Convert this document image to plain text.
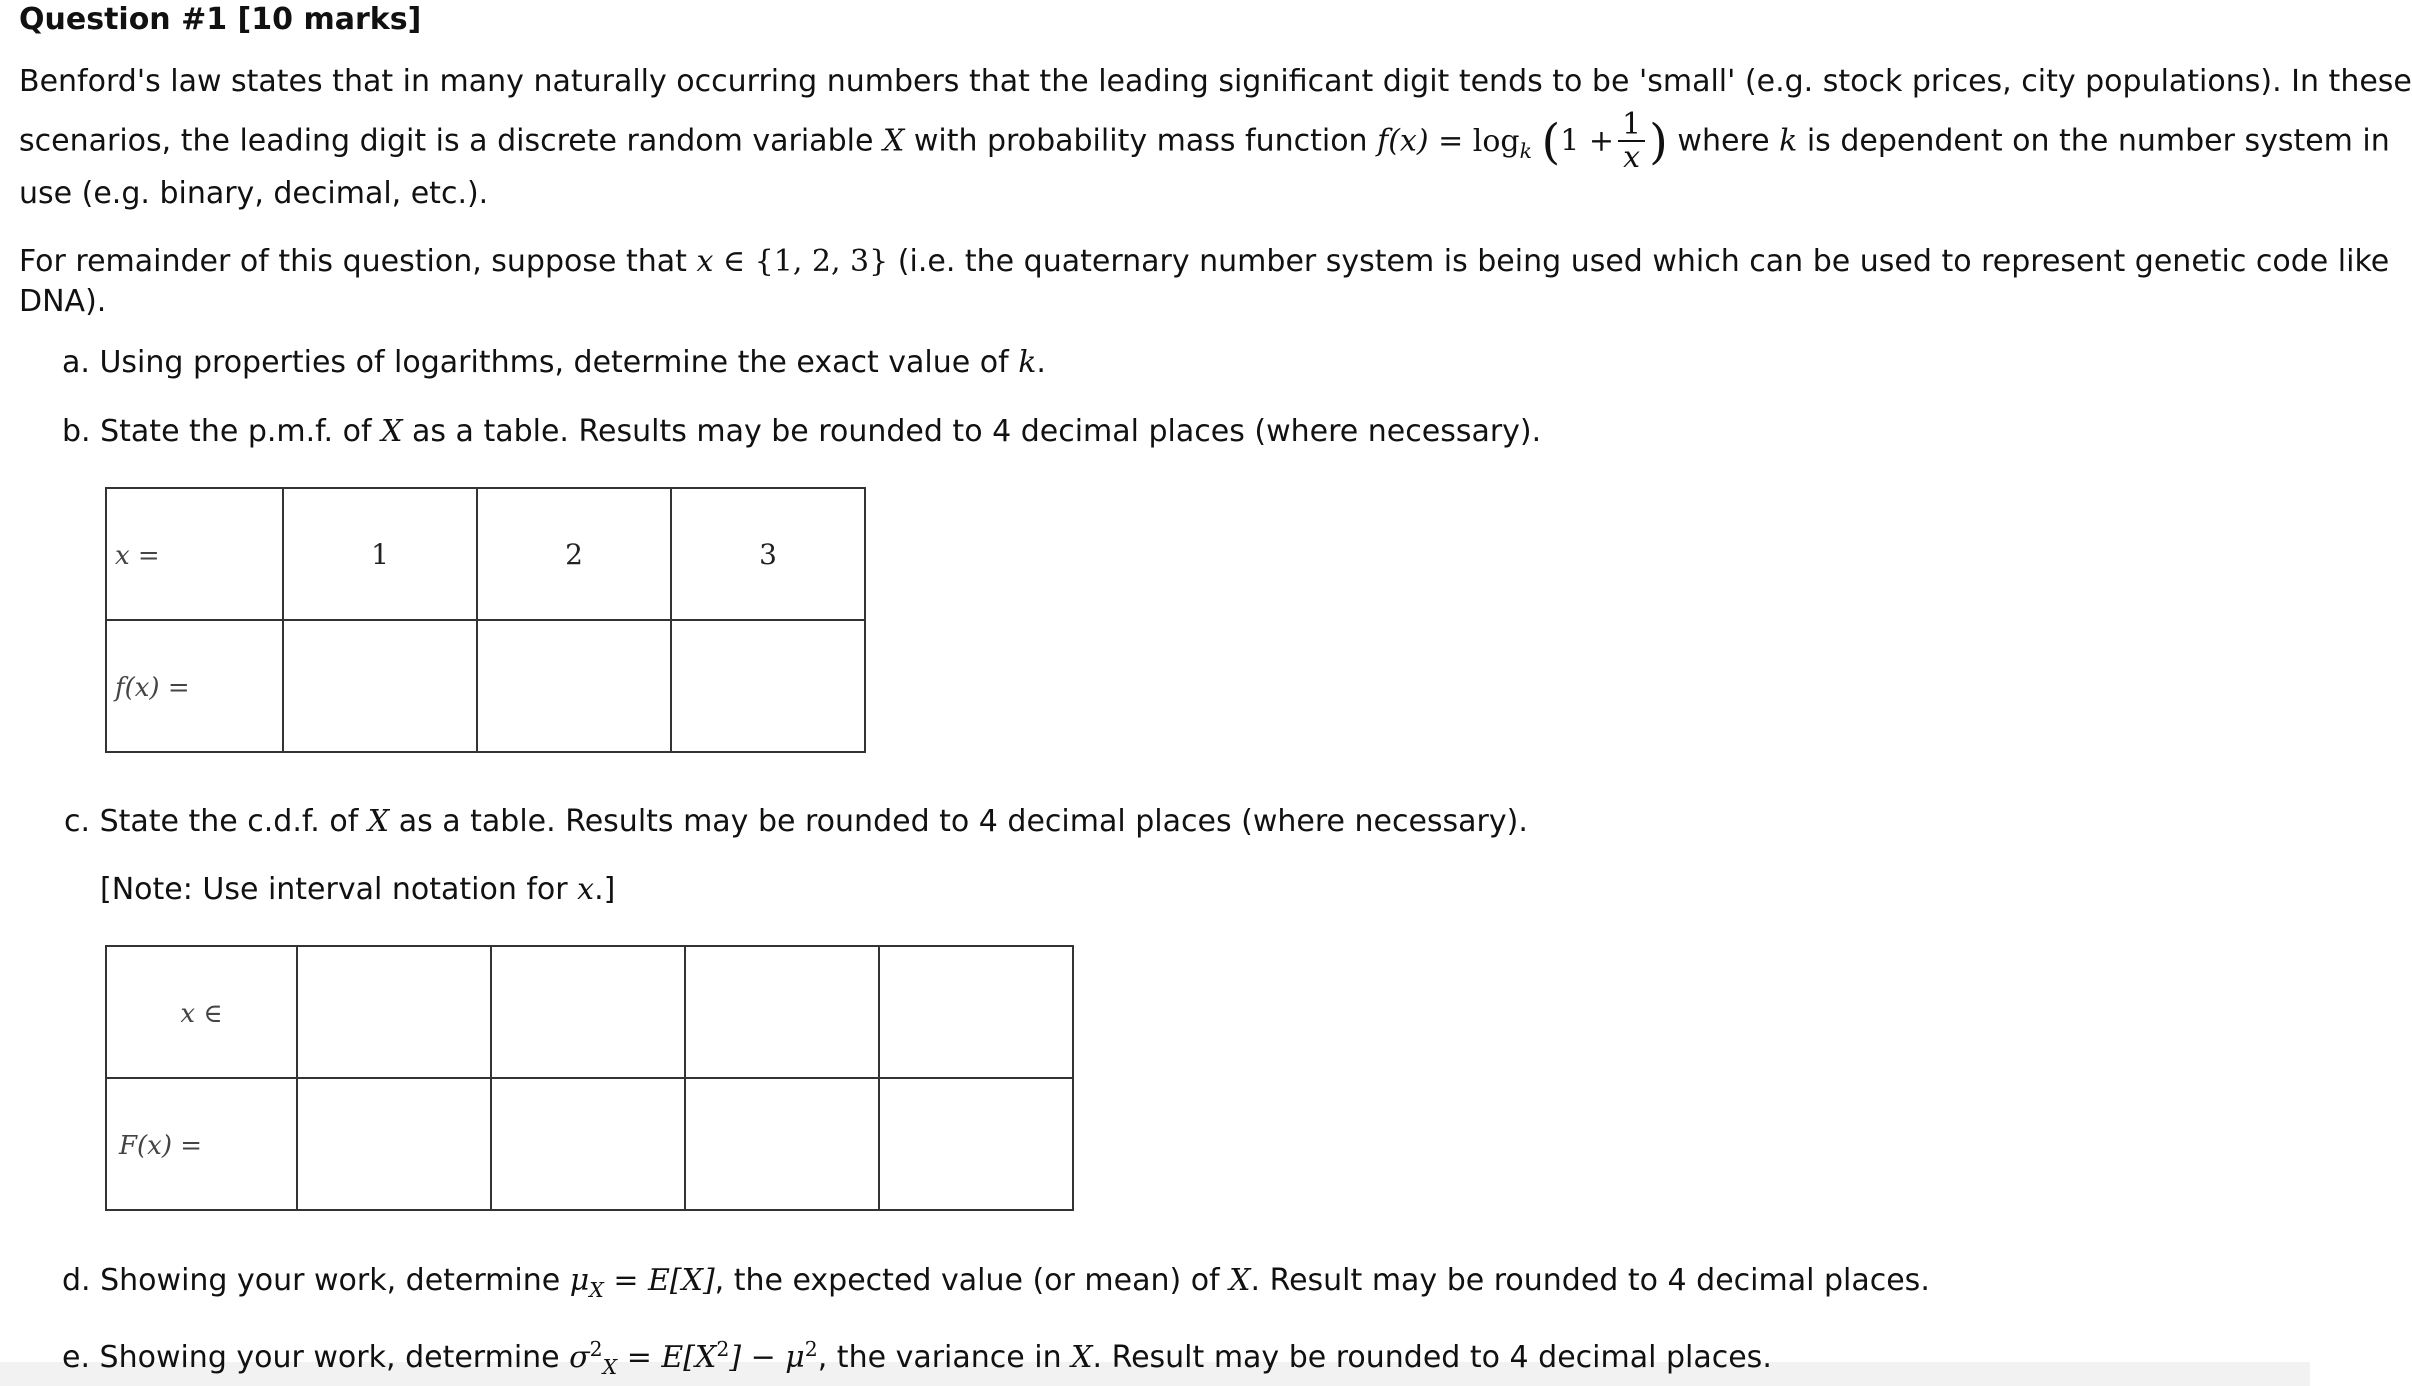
Question #1 [10 marks]
Benford's law states that in many naturally occurring numbers that the leading significant digit tends to be 'small' (e.g. stock prices, city populations). In these
scenarios, the leading digit is a discrete random variable X with probability mass function $f(x) = \log_k (1 + \frac{1}{x}$ ) where k is dependent on the number system in
use (e.g. binary, decimal, etc.).
For remainder of this question, suppose that x ∈ {1, 2, 3} (i.e. the quaternary number system is being used which can be used to represent genetic code like
DNA).
a. Using properties of logarithms, determine the exact value of k.
b. State the p.m.f. of X as a table. Results may be rounded to 4 decimal places (where necessary).
x =	1	2	3
f(x) =			
c. State the c.d.f. of X as a table. Results may be rounded to 4 decimal places (where necessary).
[Note: Use interval notation for x.]
x ∈				
F(x) =				
d. Showing your work, determine $\mu_X = E[X]$, the expected value (or mean) of X. Result may be rounded to 4 decimal places.
e. Showing your work, determine $\sigma^2_X = E[X^2] - \mu^2$, the variance in X. Result may be rounded to 4 decimal places.
